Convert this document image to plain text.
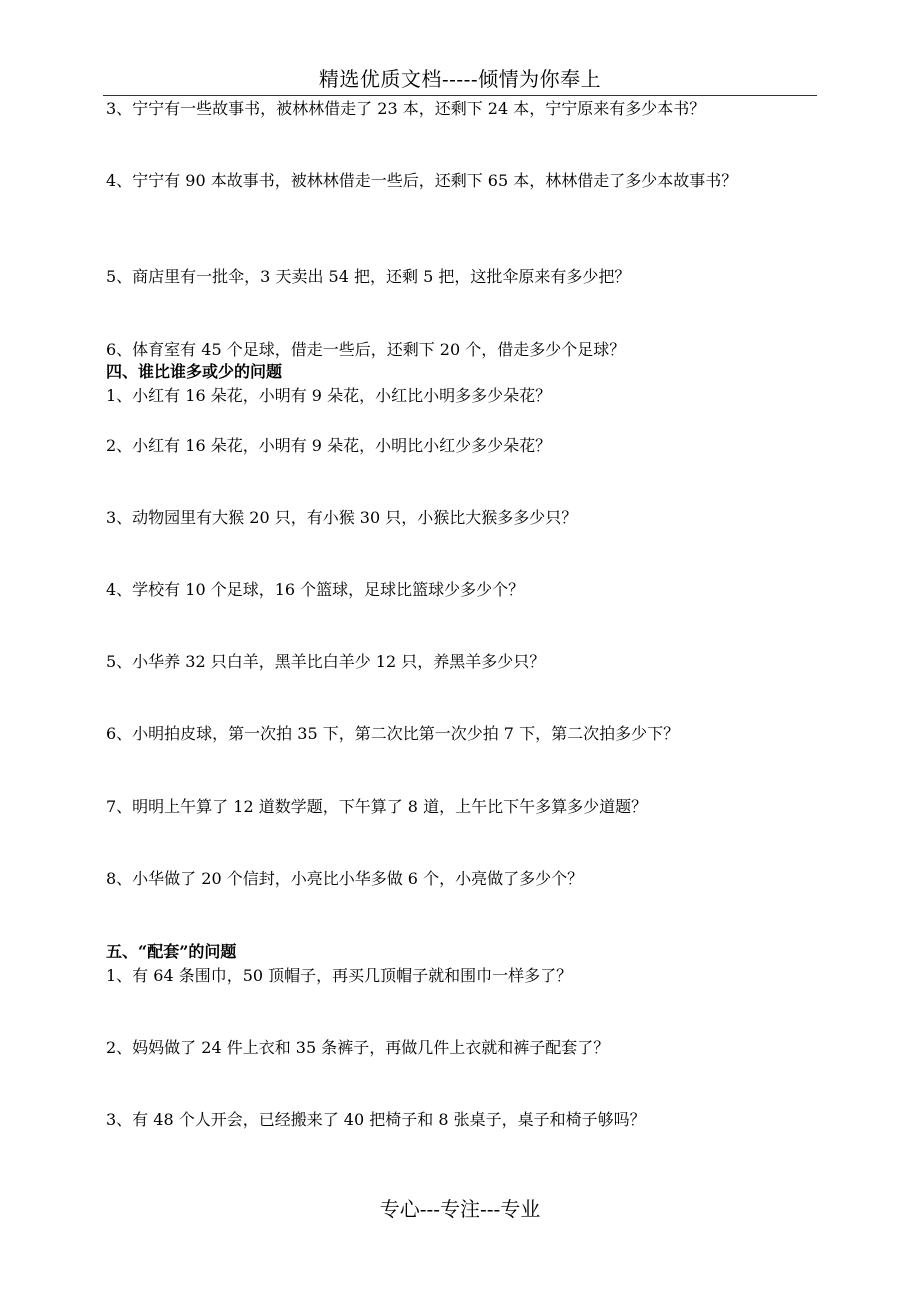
精选优质文档-----倾情为你奉上
3、宁宁有一些故事书，被林林借走了 23 本，还剩下 24 本，宁宁原来有多少本书？
4、宁宁有 90 本故事书，被林林借走一些后，还剩下 65 本，林林借走了多少本故事书？
5、商店里有一批伞，3 天卖出 54 把，还剩 5 把，这批伞原来有多少把？
6、体育室有 45 个足球，借走一些后，还剩下 20 个，借走多少个足球？
四、谁比谁多或少的问题
1、小红有 16 朵花，小明有 9 朵花，小红比小明多多少朵花？
2、小红有 16 朵花，小明有 9 朵花，小明比小红少多少朵花？
3、动物园里有大猴 20 只，有小猴 30 只，小猴比大猴多多少只？
4、学校有 10 个足球，16 个篮球，足球比篮球少多少个？
5、小华养 32 只白羊，黑羊比白羊少 12 只，养黑羊多少只？
6、小明拍皮球，第一次拍 35 下，第二次比第一次少拍 7 下，第二次拍多少下？
7、明明上午算了 12 道数学题，下午算了 8 道，上午比下午多算多少道题？
8、小华做了 20 个信封，小亮比小华多做 6 个，小亮做了多少个？
五、“配套”的问题
1、有 64 条围巾，50 顶帽子，再买几顶帽子就和围巾一样多了？
2、妈妈做了 24 件上衣和 35 条裤子，再做几件上衣就和裤子配套了？
3、有 48 个人开会，已经搬来了 40 把椅子和 8 张桌子，桌子和椅子够吗？
专心---专注---专业
